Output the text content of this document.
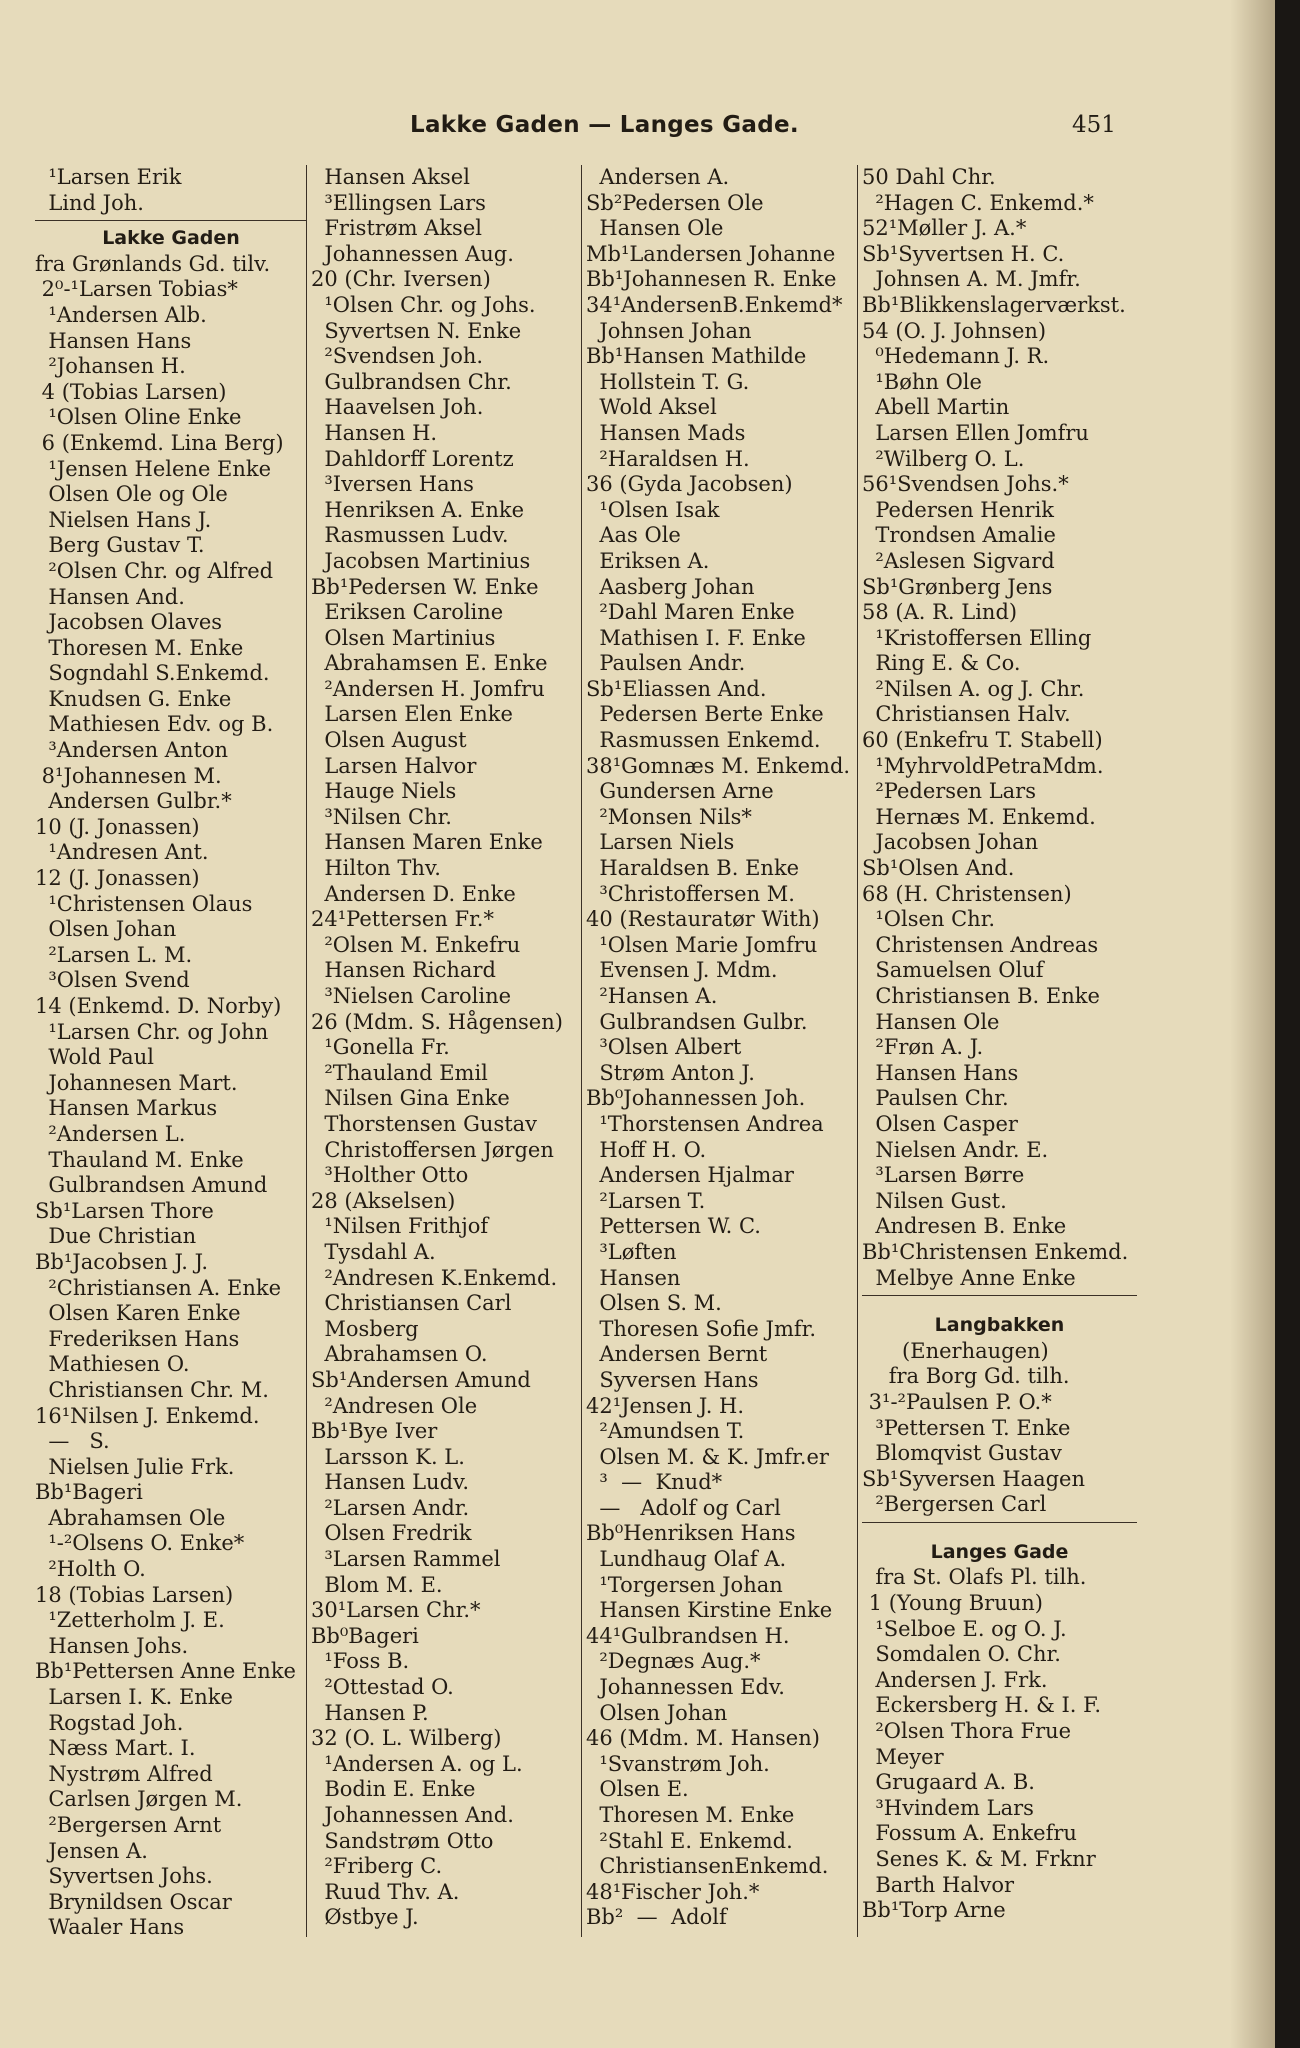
Lakke Gaden — Langes Gade.	451
¹Larsen Erik
Lind Joh.
Lakke Gaden
fra Grønlands Gd. tilv.
2⁰-¹Larsen Tobias*
¹Andersen Alb.
Hansen Hans
²Johansen H.
4 (Tobias Larsen)
¹Olsen Oline Enke
6 (Enkemd. Lina Berg)
¹Jensen Helene Enke
Olsen Ole og Ole
Nielsen Hans J.
Berg Gustav T.
²Olsen Chr. og Alfred
Hansen And.
Jacobsen Olaves
Thoresen M. Enke
Sogndahl S.Enkemd.
Knudsen G. Enke
Mathiesen Edv. og B.
³Andersen Anton
8¹Johannesen M.
Andersen Gulbr.*
10 (J. Jonassen)
¹Andresen Ant.
12 (J. Jonassen)
¹Christensen Olaus
Olsen Johan
²Larsen L. M.
³Olsen Svend
14 (Enkemd. D. Norby)
¹Larsen Chr. og John
Wold Paul
Johannesen Mart.
Hansen Markus
²Andersen L.
Thauland M. Enke
Gulbrandsen Amund
Sb¹Larsen Thore
Due Christian
Bb¹Jacobsen J. J.
²Christiansen A. Enke
Olsen Karen Enke
Frederiksen Hans
Mathiesen O.
Christiansen Chr. M.
16¹Nilsen J. Enkemd.
—   S.
Nielsen Julie Frk.
Bb¹Bageri
Abrahamsen Ole
¹-²Olsens O. Enke*
²Holth O.
18 (Tobias Larsen)
¹Zetterholm J. E.
Hansen Johs.
Bb¹Pettersen Anne Enke
Larsen I. K. Enke
Rogstad Joh.
Næss Mart. I.
Nystrøm Alfred
Carlsen Jørgen M.
²Bergersen Arnt
Jensen A.
Syvertsen Johs.
Brynildsen Oscar
Waaler Hans
Hansen Aksel
³Ellingsen Lars
Fristrøm Aksel
Johannessen Aug.
20 (Chr. Iversen)
¹Olsen Chr. og Johs.
Syvertsen N. Enke
²Svendsen Joh.
Gulbrandsen Chr.
Haavelsen Joh.
Hansen H.
Dahldorff Lorentz
³Iversen Hans
Henriksen A. Enke
Rasmussen Ludv.
Jacobsen Martinius
Bb¹Pedersen W. Enke
Eriksen Caroline
Olsen Martinius
Abrahamsen E. Enke
²Andersen H. Jomfru
Larsen Elen Enke
Olsen August
Larsen Halvor
Hauge Niels
³Nilsen Chr.
Hansen Maren Enke
Hilton Thv.
Andersen D. Enke
24¹Pettersen Fr.*
²Olsen M. Enkefru
Hansen Richard
³Nielsen Caroline
26 (Mdm. S. Hågensen)
¹Gonella Fr.
²Thauland Emil
Nilsen Gina Enke
Thorstensen Gustav
Christoffersen Jørgen
³Holther Otto
28 (Akselsen)
¹Nilsen Frithjof
Tysdahl A.
²Andresen K.Enkemd.
Christiansen Carl
Mosberg
Abrahamsen O.
Sb¹Andersen Amund
²Andresen Ole
Bb¹Bye Iver
Larsson K. L.
Hansen Ludv.
²Larsen Andr.
Olsen Fredrik
³Larsen Rammel
Blom M. E.
30¹Larsen Chr.*
Bb⁰Bageri
¹Foss B.
²Ottestad O.
Hansen P.
32 (O. L. Wilberg)
¹Andersen A. og L.
Bodin E. Enke
Johannessen And.
Sandstrøm Otto
²Friberg C.
Ruud Thv. A.
Østbye J.
Andersen A.
Sb²Pedersen Ole
Hansen Ole
Mb¹Landersen Johanne
Bb¹Johannesen R. Enke
34¹AndersenB.Enkemd*
Johnsen Johan
Bb¹Hansen Mathilde
Hollstein T. G.
Wold Aksel
Hansen Mads
²Haraldsen H.
36 (Gyda Jacobsen)
¹Olsen Isak
Aas Ole
Eriksen A.
Aasberg Johan
²Dahl Maren Enke
Mathisen I. F. Enke
Paulsen Andr.
Sb¹Eliassen And.
Pedersen Berte Enke
Rasmussen Enkemd.
38¹Gomnæs M. Enkemd.
Gundersen Arne
²Monsen Nils*
Larsen Niels
Haraldsen B. Enke
³Christoffersen M.
40 (Restauratør With)
¹Olsen Marie Jomfru
Evensen J. Mdm.
²Hansen A.
Gulbrandsen Gulbr.
³Olsen Albert
Strøm Anton J.
Bb⁰Johannessen Joh.
¹Thorstensen Andrea
Hoff H. O.
Andersen Hjalmar
²Larsen T.
Pettersen W. C.
³Løften
Hansen
Olsen S. M.
Thoresen Sofie Jmfr.
Andersen Bernt
Syversen Hans
42¹Jensen J. H.
²Amundsen T.
Olsen M. & K. Jmfr.er
³  —  Knud*
—   Adolf og Carl
Bb⁰Henriksen Hans
Lundhaug Olaf A.
¹Torgersen Johan
Hansen Kirstine Enke
44¹Gulbrandsen H.
²Degnæs Aug.*
Johannessen Edv.
Olsen Johan
46 (Mdm. M. Hansen)
¹Svanstrøm Joh.
Olsen E.
Thoresen M. Enke
²Stahl E. Enkemd.
ChristiansenEnkemd.
48¹Fischer Joh.*
Bb²  —  Adolf
50 Dahl Chr.
²Hagen C. Enkemd.*
52¹Møller J. A.*
Sb¹Syvertsen H. C.
Johnsen A. M. Jmfr.
Bb¹Blikkenslagerværkst.
54 (O. J. Johnsen)
⁰Hedemann J. R.
¹Bøhn Ole
Abell Martin
Larsen Ellen Jomfru
²Wilberg O. L.
56¹Svendsen Johs.*
Pedersen Henrik
Trondsen Amalie
²Aslesen Sigvard
Sb¹Grønberg Jens
58 (A. R. Lind)
¹Kristoffersen Elling
Ring E. & Co.
²Nilsen A. og J. Chr.
Christiansen Halv.
60 (Enkefru T. Stabell)
¹MyhrvoldPetraMdm.
²Pedersen Lars
Hernæs M. Enkemd.
Jacobsen Johan
Sb¹Olsen And.
68 (H. Christensen)
¹Olsen Chr.
Christensen Andreas
Samuelsen Oluf
Christiansen B. Enke
Hansen Ole
²Frøn A. J.
Hansen Hans
Paulsen Chr.
Olsen Casper
Nielsen Andr. E.
³Larsen Børre
Nilsen Gust.
Andresen B. Enke
Bb¹Christensen Enkemd.
Melbye Anne Enke
Langbakken
(Enerhaugen)
fra Borg Gd. tilh.
3¹-²Paulsen P. O.*
³Pettersen T. Enke
Blomqvist Gustav
Sb¹Syversen Haagen
²Bergersen Carl
Langes Gade
fra St. Olafs Pl. tilh.
1 (Young Bruun)
¹Selboe E. og O. J.
Somdalen O. Chr.
Andersen J. Frk.
Eckersberg H. & I. F.
²Olsen Thora Frue
Meyer
Grugaard A. B.
³Hvindem Lars
Fossum A. Enkefru
Senes K. & M. Frknr
Barth Halvor
Bb¹Torp Arne
